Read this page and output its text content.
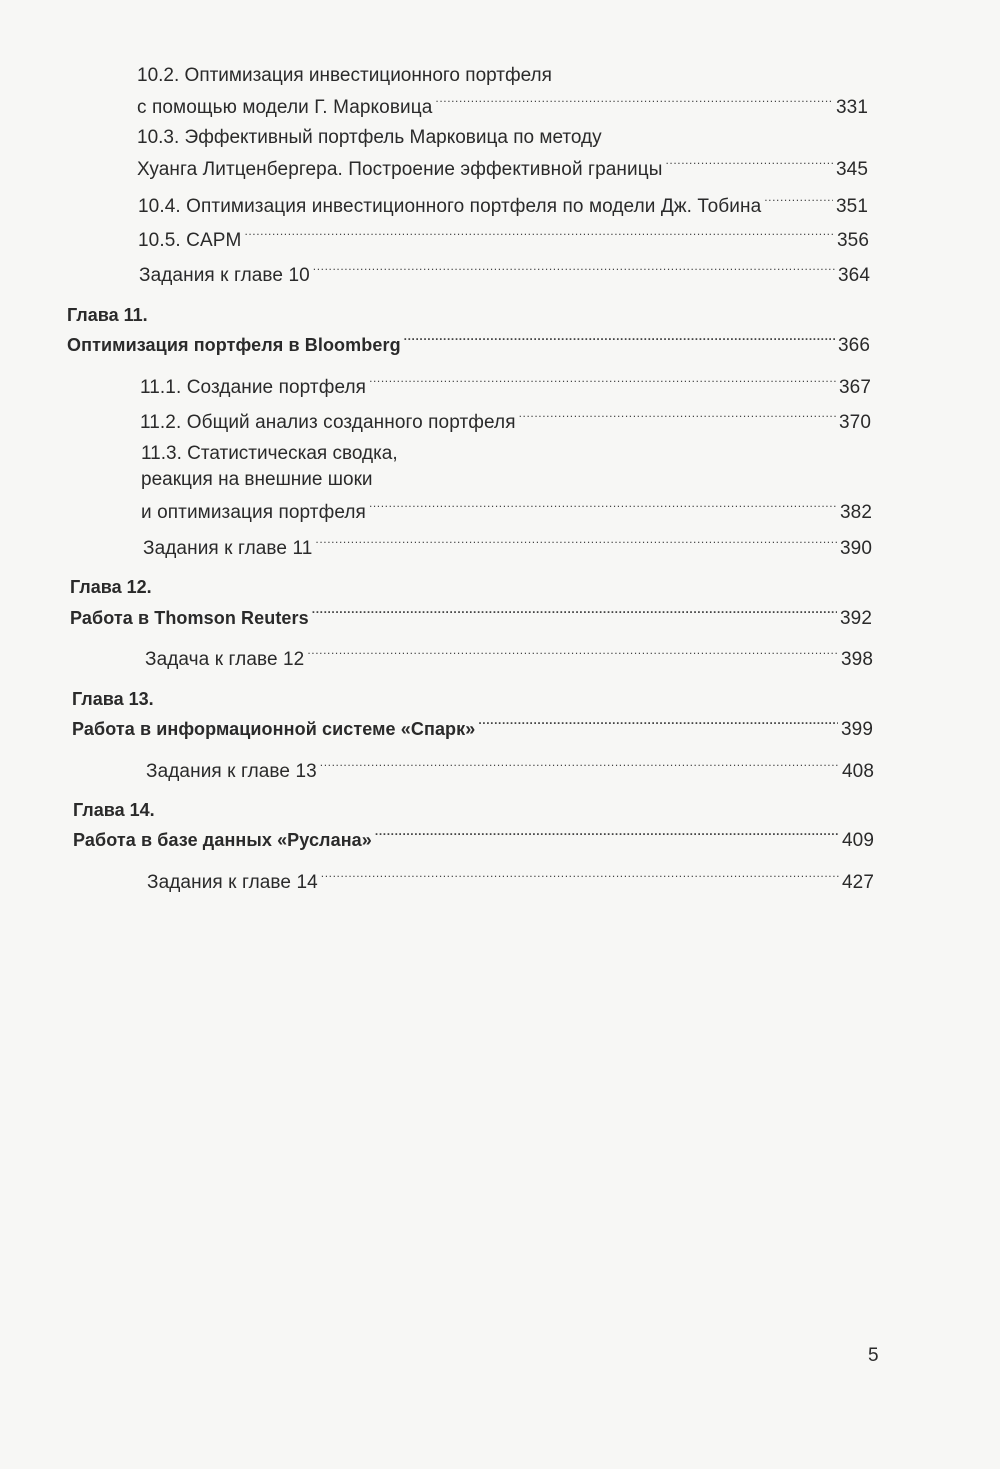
10.2. Оптимизация инвестиционного портфеля
с помощью модели Г. Марковица .....	331
10.3. Эффективный портфель Марковица по методу
Хуанга Литценбергера. Построение эффективной границы .....	345
10.4. Оптимизация инвестиционного портфеля по модели Дж. Тобина .....	351
10.5. CAPM .....	356
Задания к главе 10 .....	364
Глава 11.
Оптимизация портфеля в Bloomberg .....	366
11.1. Создание портфеля .....	367
11.2. Общий анализ созданного портфеля .....	370
11.3. Статистическая сводка,
реакция на внешние шоки
и оптимизация портфеля .....	382
Задания к главе 11 .....	390
Глава 12.
Работа в Thomson Reuters .....	392
Задача к главе 12 .....	398
Глава 13.
Работа в информационной системе «Спарк» .....	399
Задания к главе 13 .....	408
Глава 14.
Работа в базе данных «Руслана» .....	409
Задания к главе 14 .....	427
5
